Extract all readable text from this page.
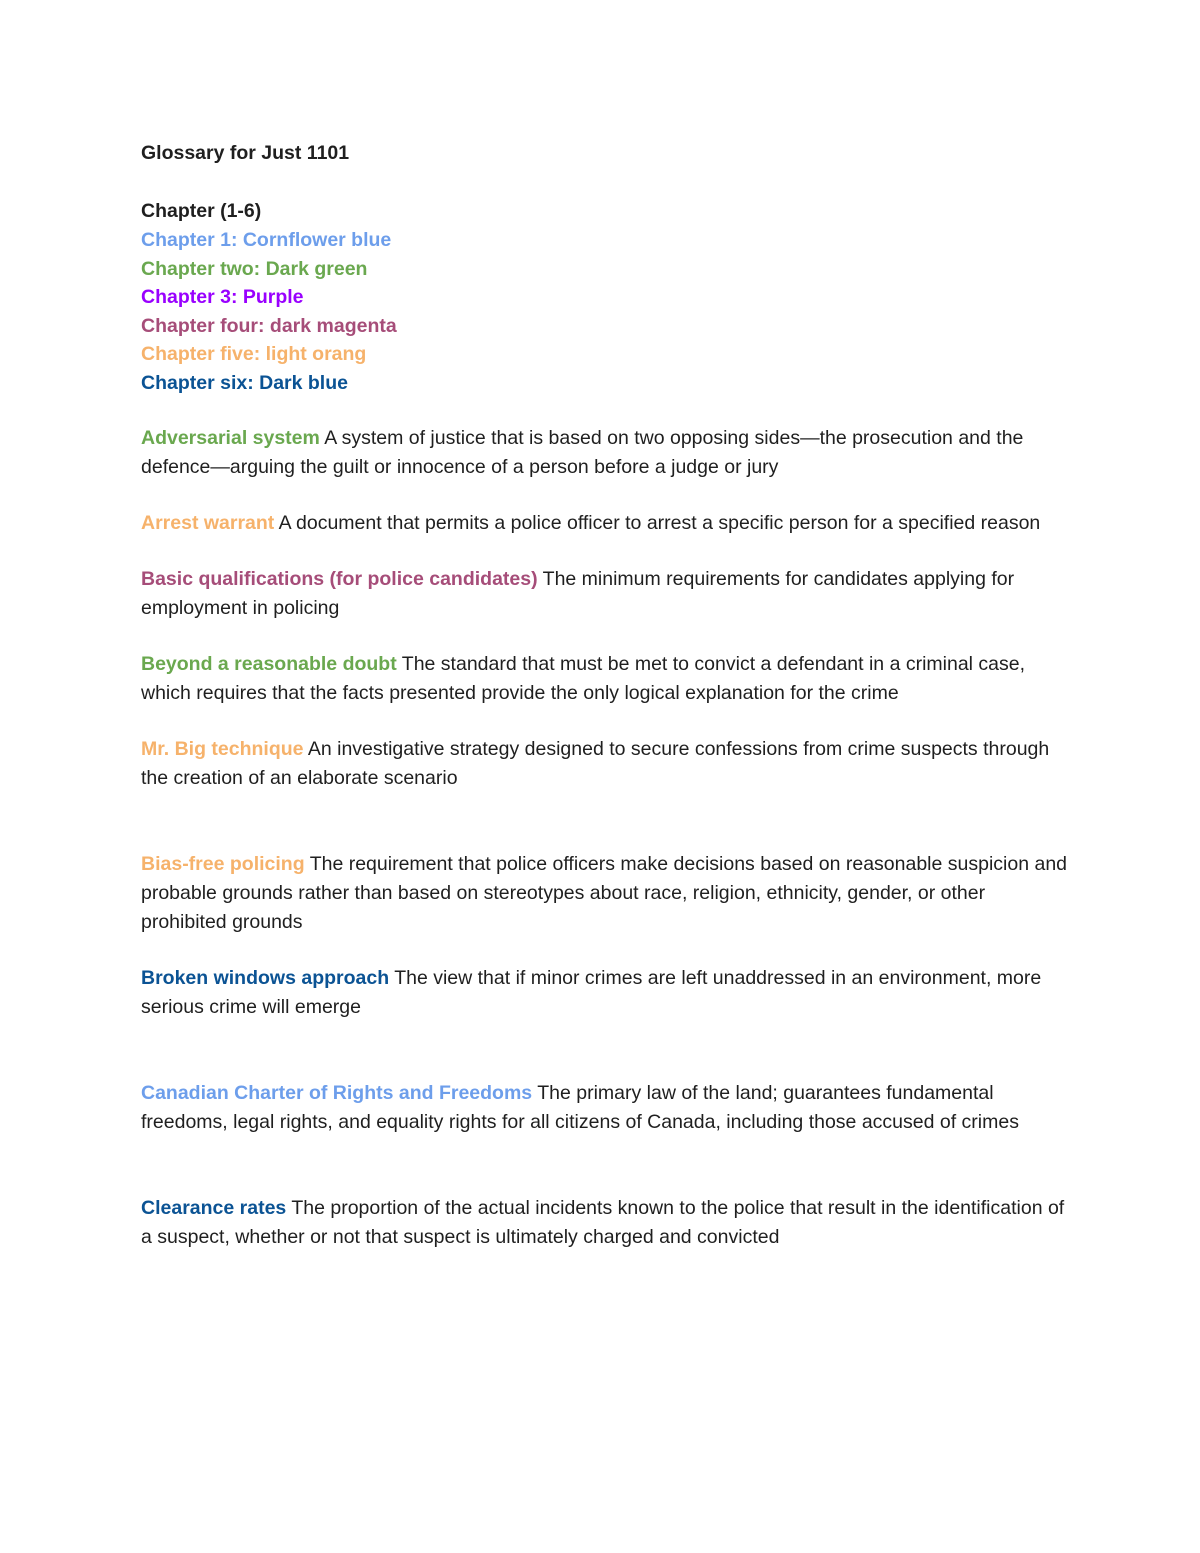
Glossary for Just 1101

Chapter (1-6)

Chapter 1: Cornflower blue

Chapter two: Dark green

Chapter 3: Purple

Chapter four: dark magenta

Chapter five: light orang

Chapter six: Dark blue

Adversarial system A system of justice that is based on two opposing sides—the prosecution and the defence—arguing the guilt or innocence of a person before a judge or jury

Arrest warrant A document that permits a police officer to arrest a specific person for a specified reason

Basic qualifications (for police candidates) The minimum requirements for candidates applying for employment in policing

Beyond a reasonable doubt The standard that must be met to convict a defendant in a criminal case, which requires that the facts presented provide the only logical explanation for the crime

Mr. Big technique An investigative strategy designed to secure confessions from crime suspects through the creation of an elaborate scenario

Bias-free policing The requirement that police officers make decisions based on reasonable suspicion and probable grounds rather than based on stereotypes about race, religion, ethnicity, gender, or other prohibited grounds

Broken windows approach The view that if minor crimes are left unaddressed in an environment, more serious crime will emerge

Canadian Charter of Rights and Freedoms The primary law of the land; guarantees fundamental freedoms, legal rights, and equality rights for all citizens of Canada, including those accused of crimes

Clearance rates The proportion of the actual incidents known to the police that result in the identification of a suspect, whether or not that suspect is ultimately charged and convicted
